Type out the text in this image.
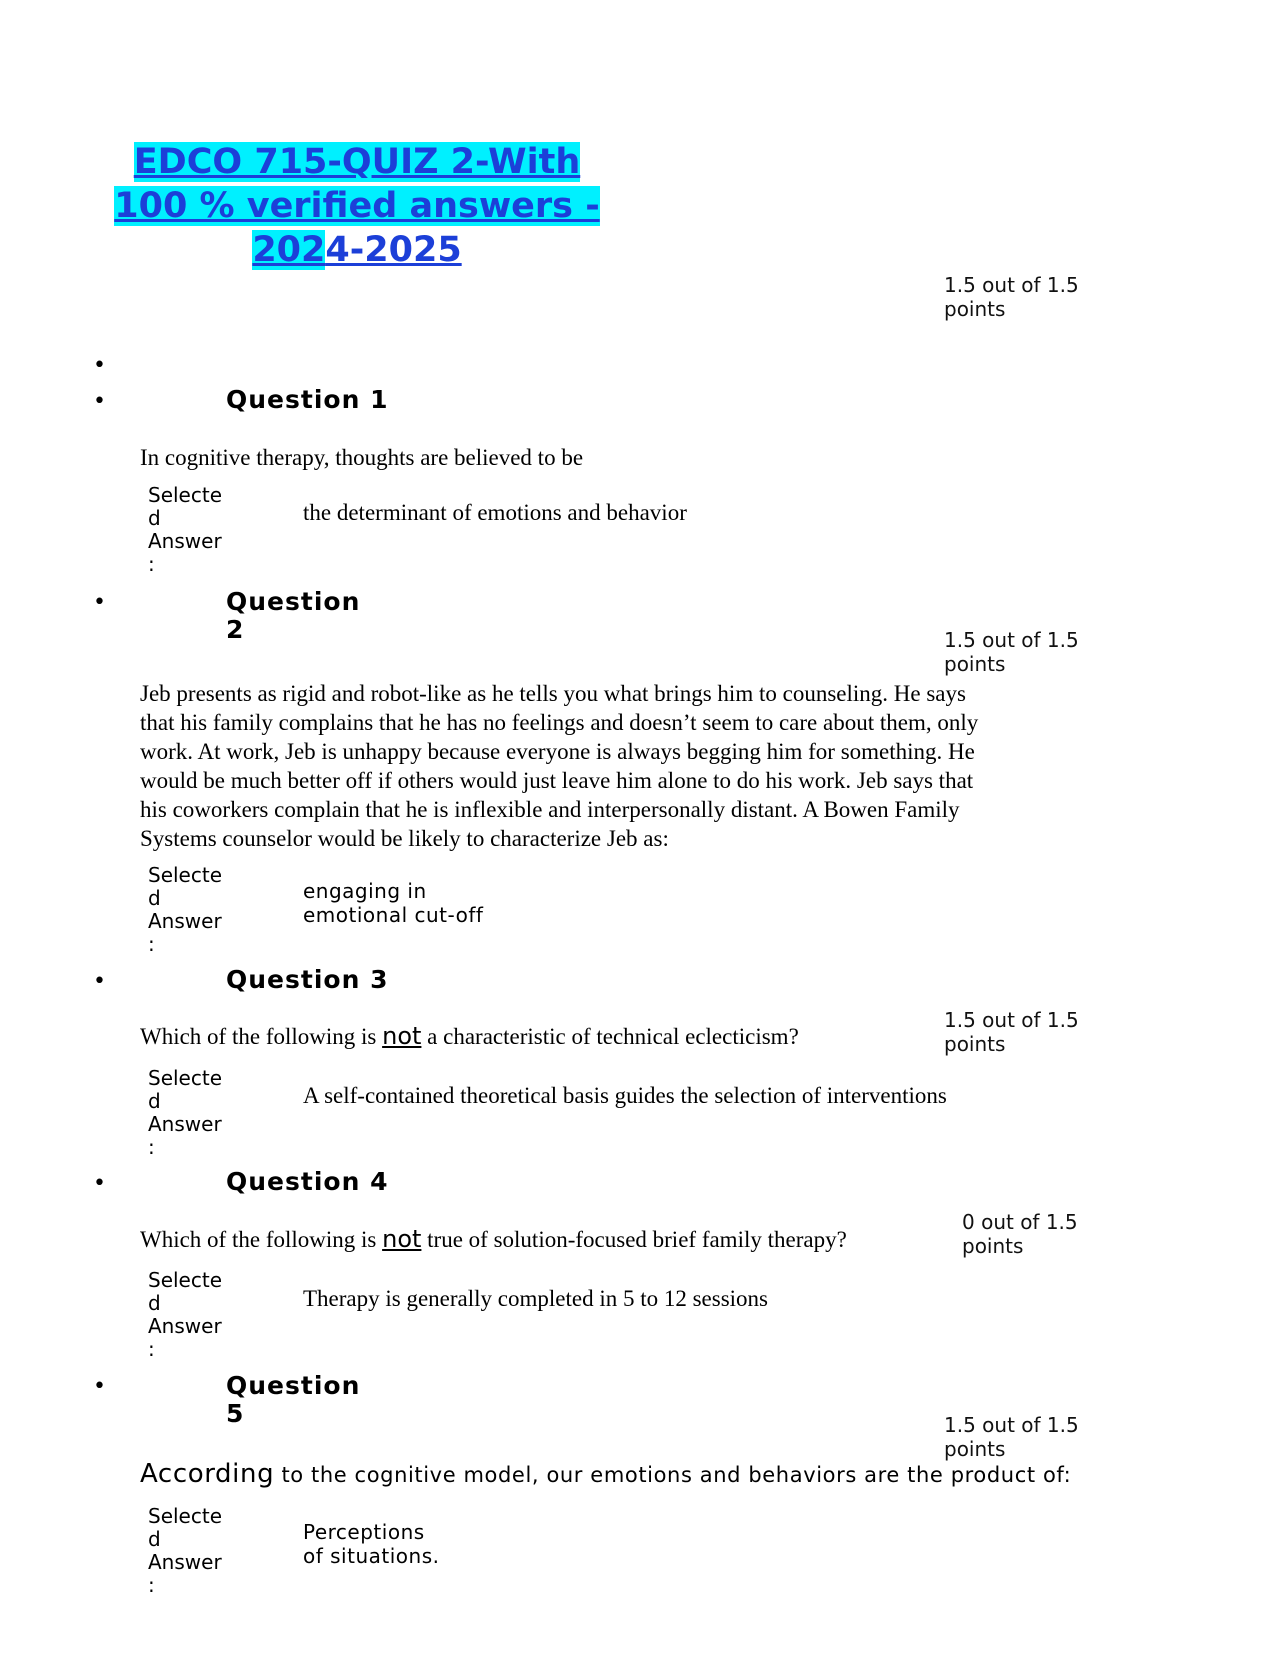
EDCO 715-QUIZ 2-With
100 % verified answers -
2024-2025
1.5 out of 1.5
points
•
•	Question 1
In cognitive therapy, thoughts are believed to be
Selecte
d
Answer
:
the determinant of emotions and behavior
•	Question
2	1.5 out of 1.5
points
Jeb presents as rigid and robot-like as he tells you what brings him to counseling. He says
that his family complains that he has no feelings and doesn’t seem to care about them, only
work. At work, Jeb is unhappy because everyone is always begging him for something. He
would be much better off if others would just leave him alone to do his work. Jeb says that
his coworkers complain that he is inflexible and interpersonally distant. A Bowen Family
Systems counselor would be likely to characterize Jeb as:
Selecte
d
Answer
:
engaging in
emotional cut-off
•	Question 3
1.5 out of 1.5
points
Which of the following is not a characteristic of technical eclecticism?
Selecte
d
Answer
:
A self-contained theoretical basis guides the selection of interventions
•	Question 4
0 out of 1.5
points
Which of the following is not true of solution-focused brief family therapy?
Selecte
d
Answer
:
Therapy is generally completed in 5 to 12 sessions
•	Question
5	1.5 out of 1.5
points
According to the cognitive model, our emotions and behaviors are the product of:
Selecte
d
Answer
:
Perceptions
of situations.
